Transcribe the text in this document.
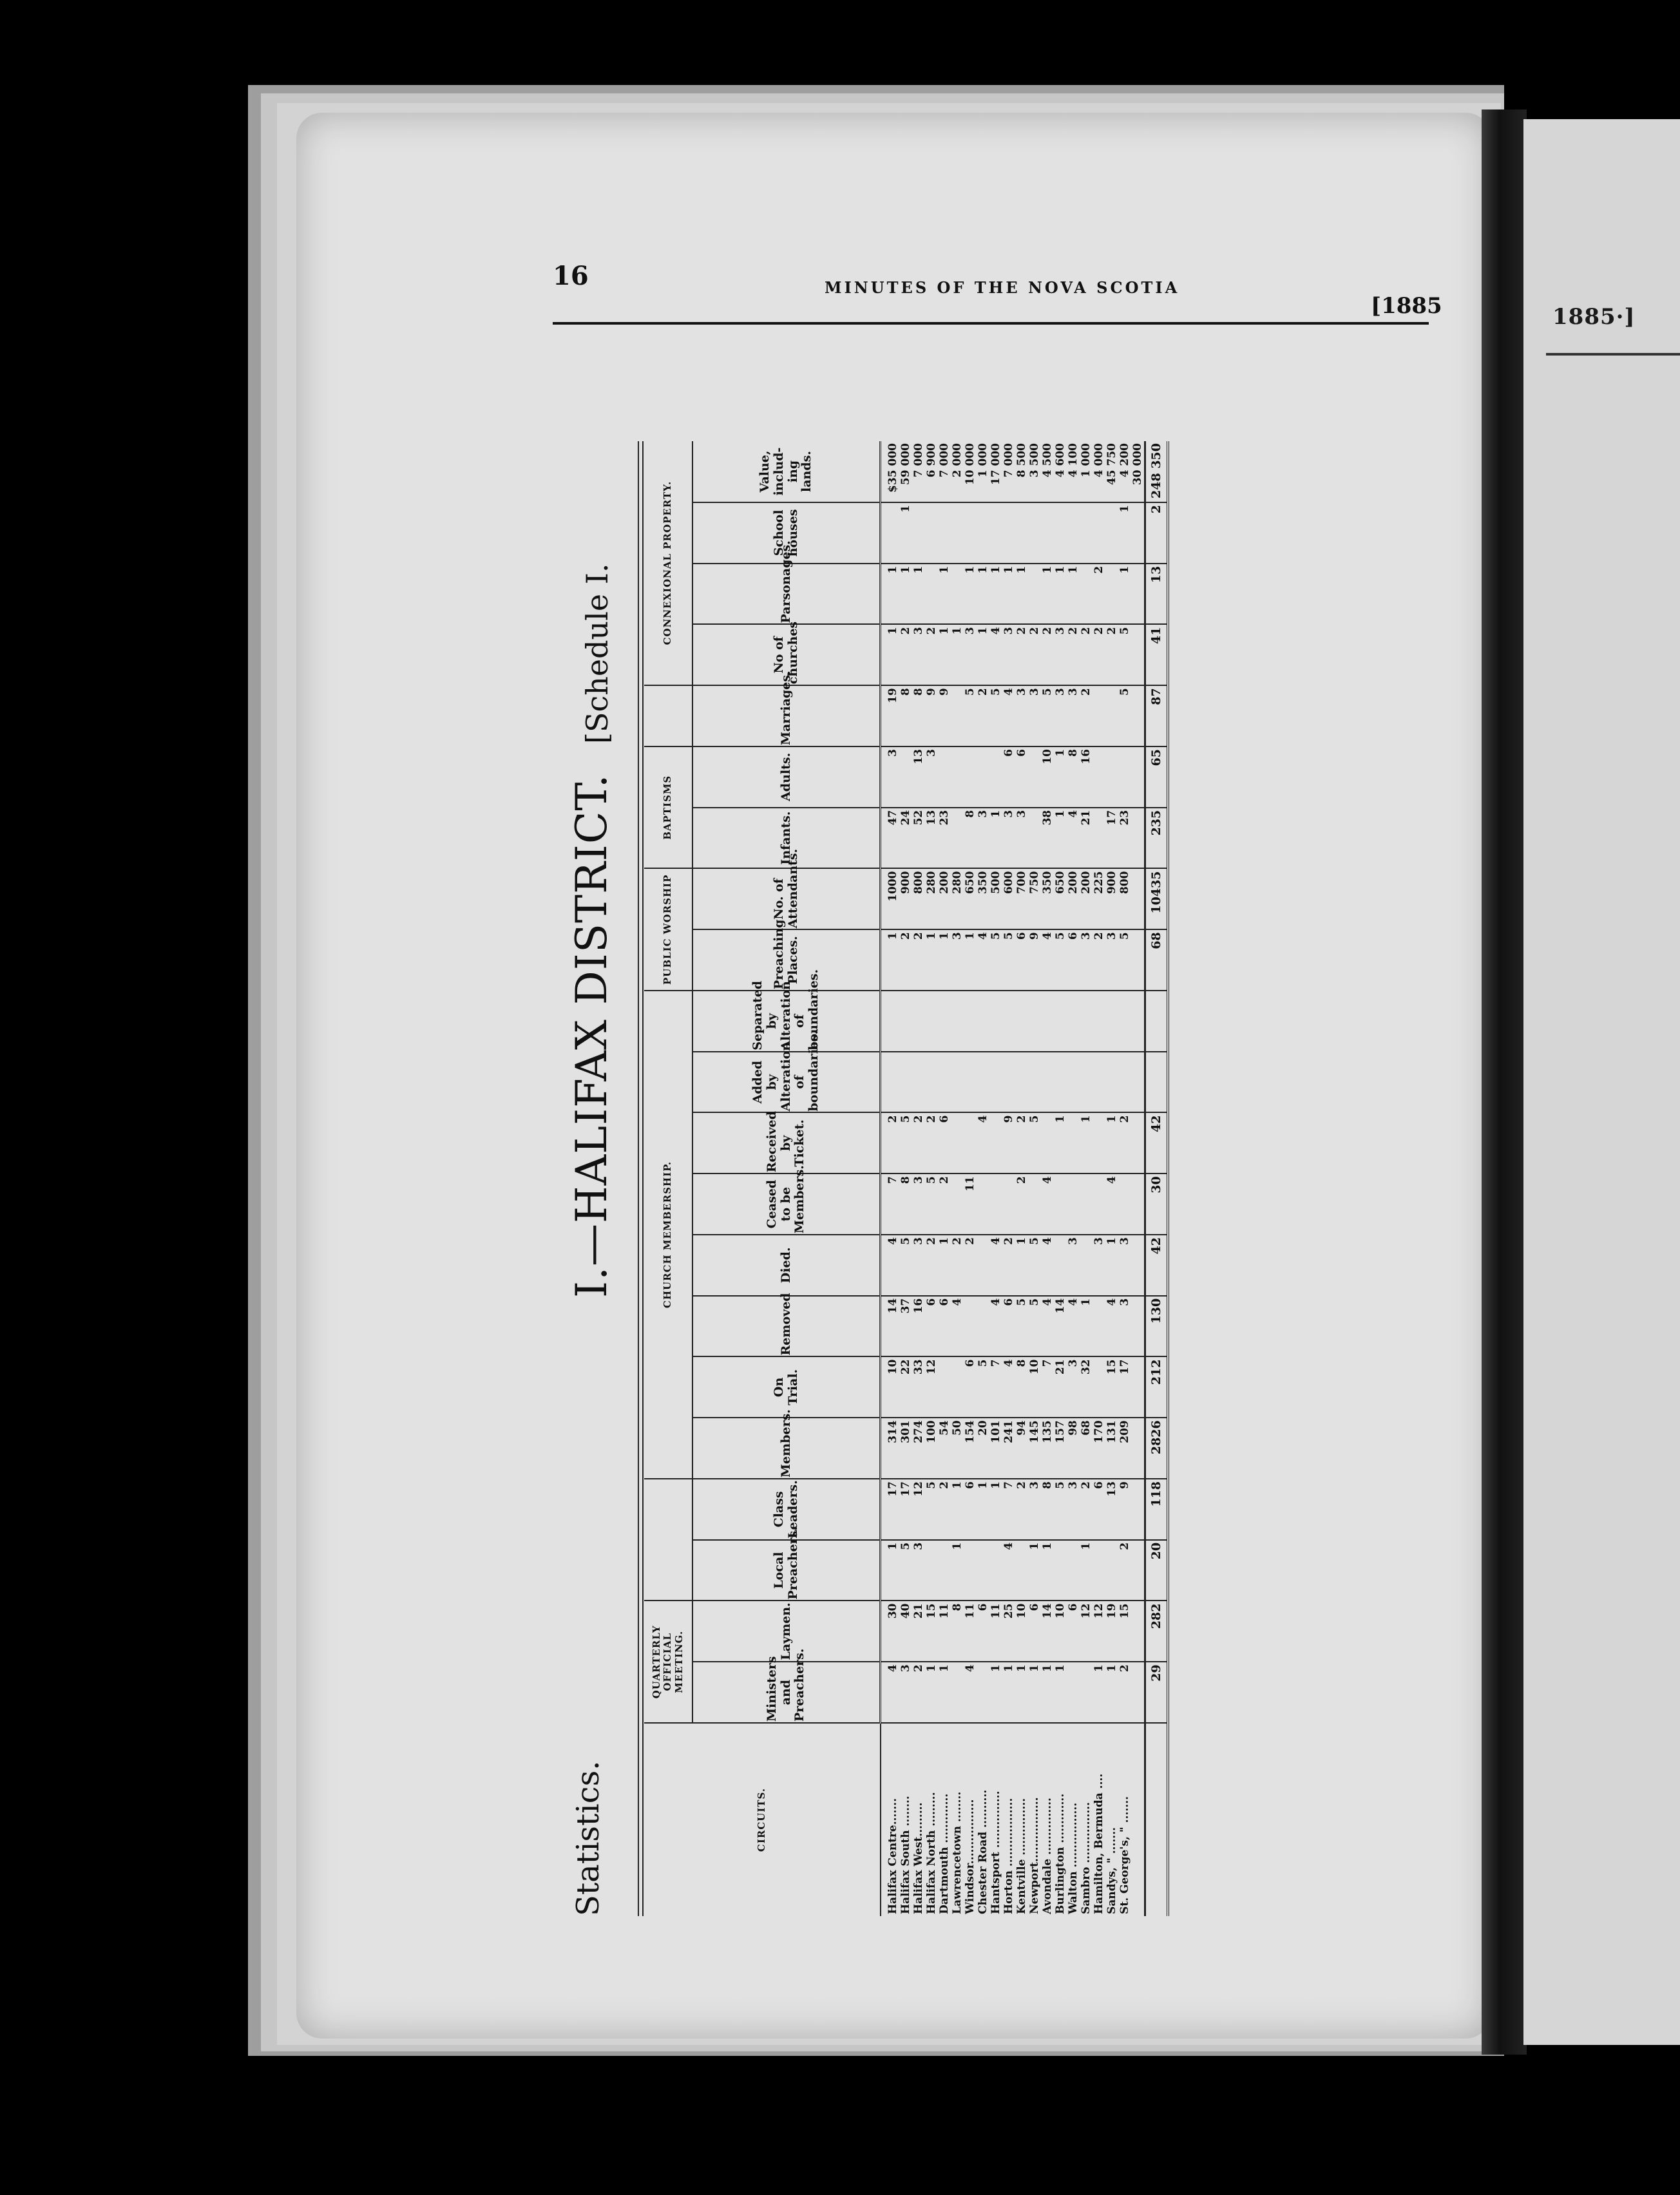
1885·]
16	MINUTES OF THE NOVA SCOTIA
[1885
Statistics.
I.—HALIFAX DISTRICT.
[Schedule I.
CIRCUITS.	QUARTERLY OFFICIAL MEETING.				CHURCH MEMBERSHIP.								PUBLIC WORSHIP		BAPTISMS			CONNEXIONAL PROPERTY.			
	Ministers and Preachers.	Laymen.	Local Preachers.	Class Leaders.	Members.	On Trial.	Removed	Died.	Ceased to be Members.	Received by Ticket.	Added by Alteration of boundaries.	Separated by Alteration of boundaries.	Preaching Places.	No. of Attendants.	Infants.	Adults.	Marriages.	No of churches	Parsonages.	School houses	Value, includ-ing lands.
Halifax Centre.......	4	30	1	17	314	10	14	4	7	2			1	1000	47	3	19	1	1		$35 000
Halifax South ........	3	40	5	17	301	22	37	5	8	5			2	900	24		8	2	1	1	59 000
Halifax West.........	2	21	3	12	274	33	16	3	3	2			2	800	52	13	8	3	1		7 000
Halifax North .........	1	15		5	100	12	6	2	5	2			1	280	13	3	9	2			6 900
Dartmouth .............	1	11		2	54		6	1	2	6			1	200	23		9	1	1		7 000
Lawrencetown ........		8	1	1	50		4	2					3	280				1			2 000
Windsor.................	4	11		6	154	6		2	11				1	650	8		5	3	1		10 000
Chester Road ..........		6		1	20	5				4			4	350	3		2	1	1		1 000
Hantsport ...............	1	11		1	101	7	4	4					5	500	1		5	4	1		17 000
Horton ..................	1	25	4	7	241	4	6	2		9			5	600	3	6	4	3	1		7 000
Kentville ...............	1	10		2	94	8	5	1	2	2			6	700	3	6	3	2	1		8 500
Newport.................	1	6	1	3	145	10	5	5		5			9	750			3	2			3 500
Avondale ...............	1	14	1	8	135	7	4	4	4				4	350	38	10	5	2	1		4 500
Burlington .............	1	10		5	157	21	14			1			5	650	1	1	3	3	1		4 600
Walton .................		6		3	98	3	4	3					6	200	4	8	3	2	1		4 100
Sambro ................		12	1	2	68	32	1			1			3	200	21	16	2	2			1 000
Hamilton, Bermuda ....	1	12		6	170			3					2	225				2	2		4 000
Sandys, " .......	1	19		13	131	15	4	1	4	1			3	900	17			2			45 750
St. George's, " .......	2	15	2	9	209	17	3	3		2			5	800	23		5	5	1	1	4 200
																					30 000
	29	282	20	118	2826	212	130	42	30	42			68	10435	235	65	87	41	13	2	248 350
